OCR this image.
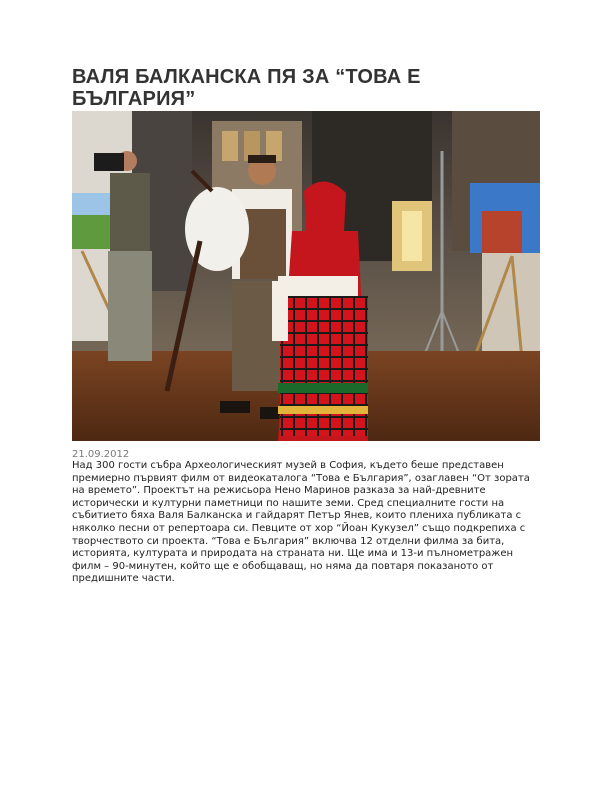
ВАЛЯ БАЛКАНСКА ПЯ ЗА “ТОВА Е БЪЛГАРИЯ”

21.09.2012

Над 300 гости събра Археологическият музей в София, където беше представен премиерно първият филм от видеокаталога “Това е България”, озаглавен “От зората на времето”. Проектът на режисьора Нено Маринов разказа за най-древните исторически и културни паметници по нашите земи. Сред специалните гости на събитието бяха Валя Балканска и гайдарят Петър Янев, които плениха публиката с няколко песни от репертоара си. Певците от хор “Йоан Кукузел” също подкрепиха с творчеството си проекта. “Това е България” включва 12 отделни филма за бита, историята, културата и природата на страната ни. Ще има и 13-и пълнометражен филм – 90-минутен, който ще е обобщаващ, но няма да повтаря показаното от предишните части.
